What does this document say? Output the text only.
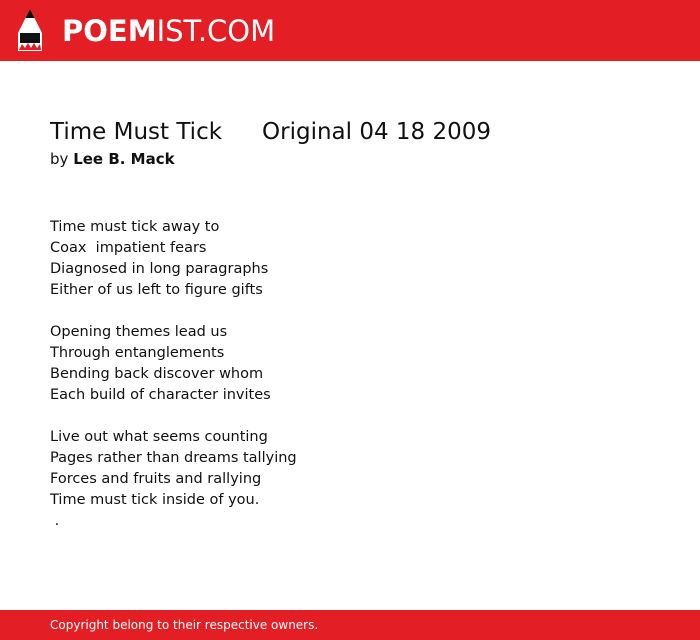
POEMIST.COM
Time Must Tick Original 04 18 2009
by Lee B. Mack
Time must tick away to
Coax  impatient fears
Diagnosed in long paragraphs
Either of us left to figure gifts
Opening themes lead us
Through entanglements
Bending back discover whom
Each build of character invites
Live out what seems counting
Pages rather than dreams tallying
Forces and fruits and rallying
Time must tick inside of you.
.
Copyright belong to their respective owners.
